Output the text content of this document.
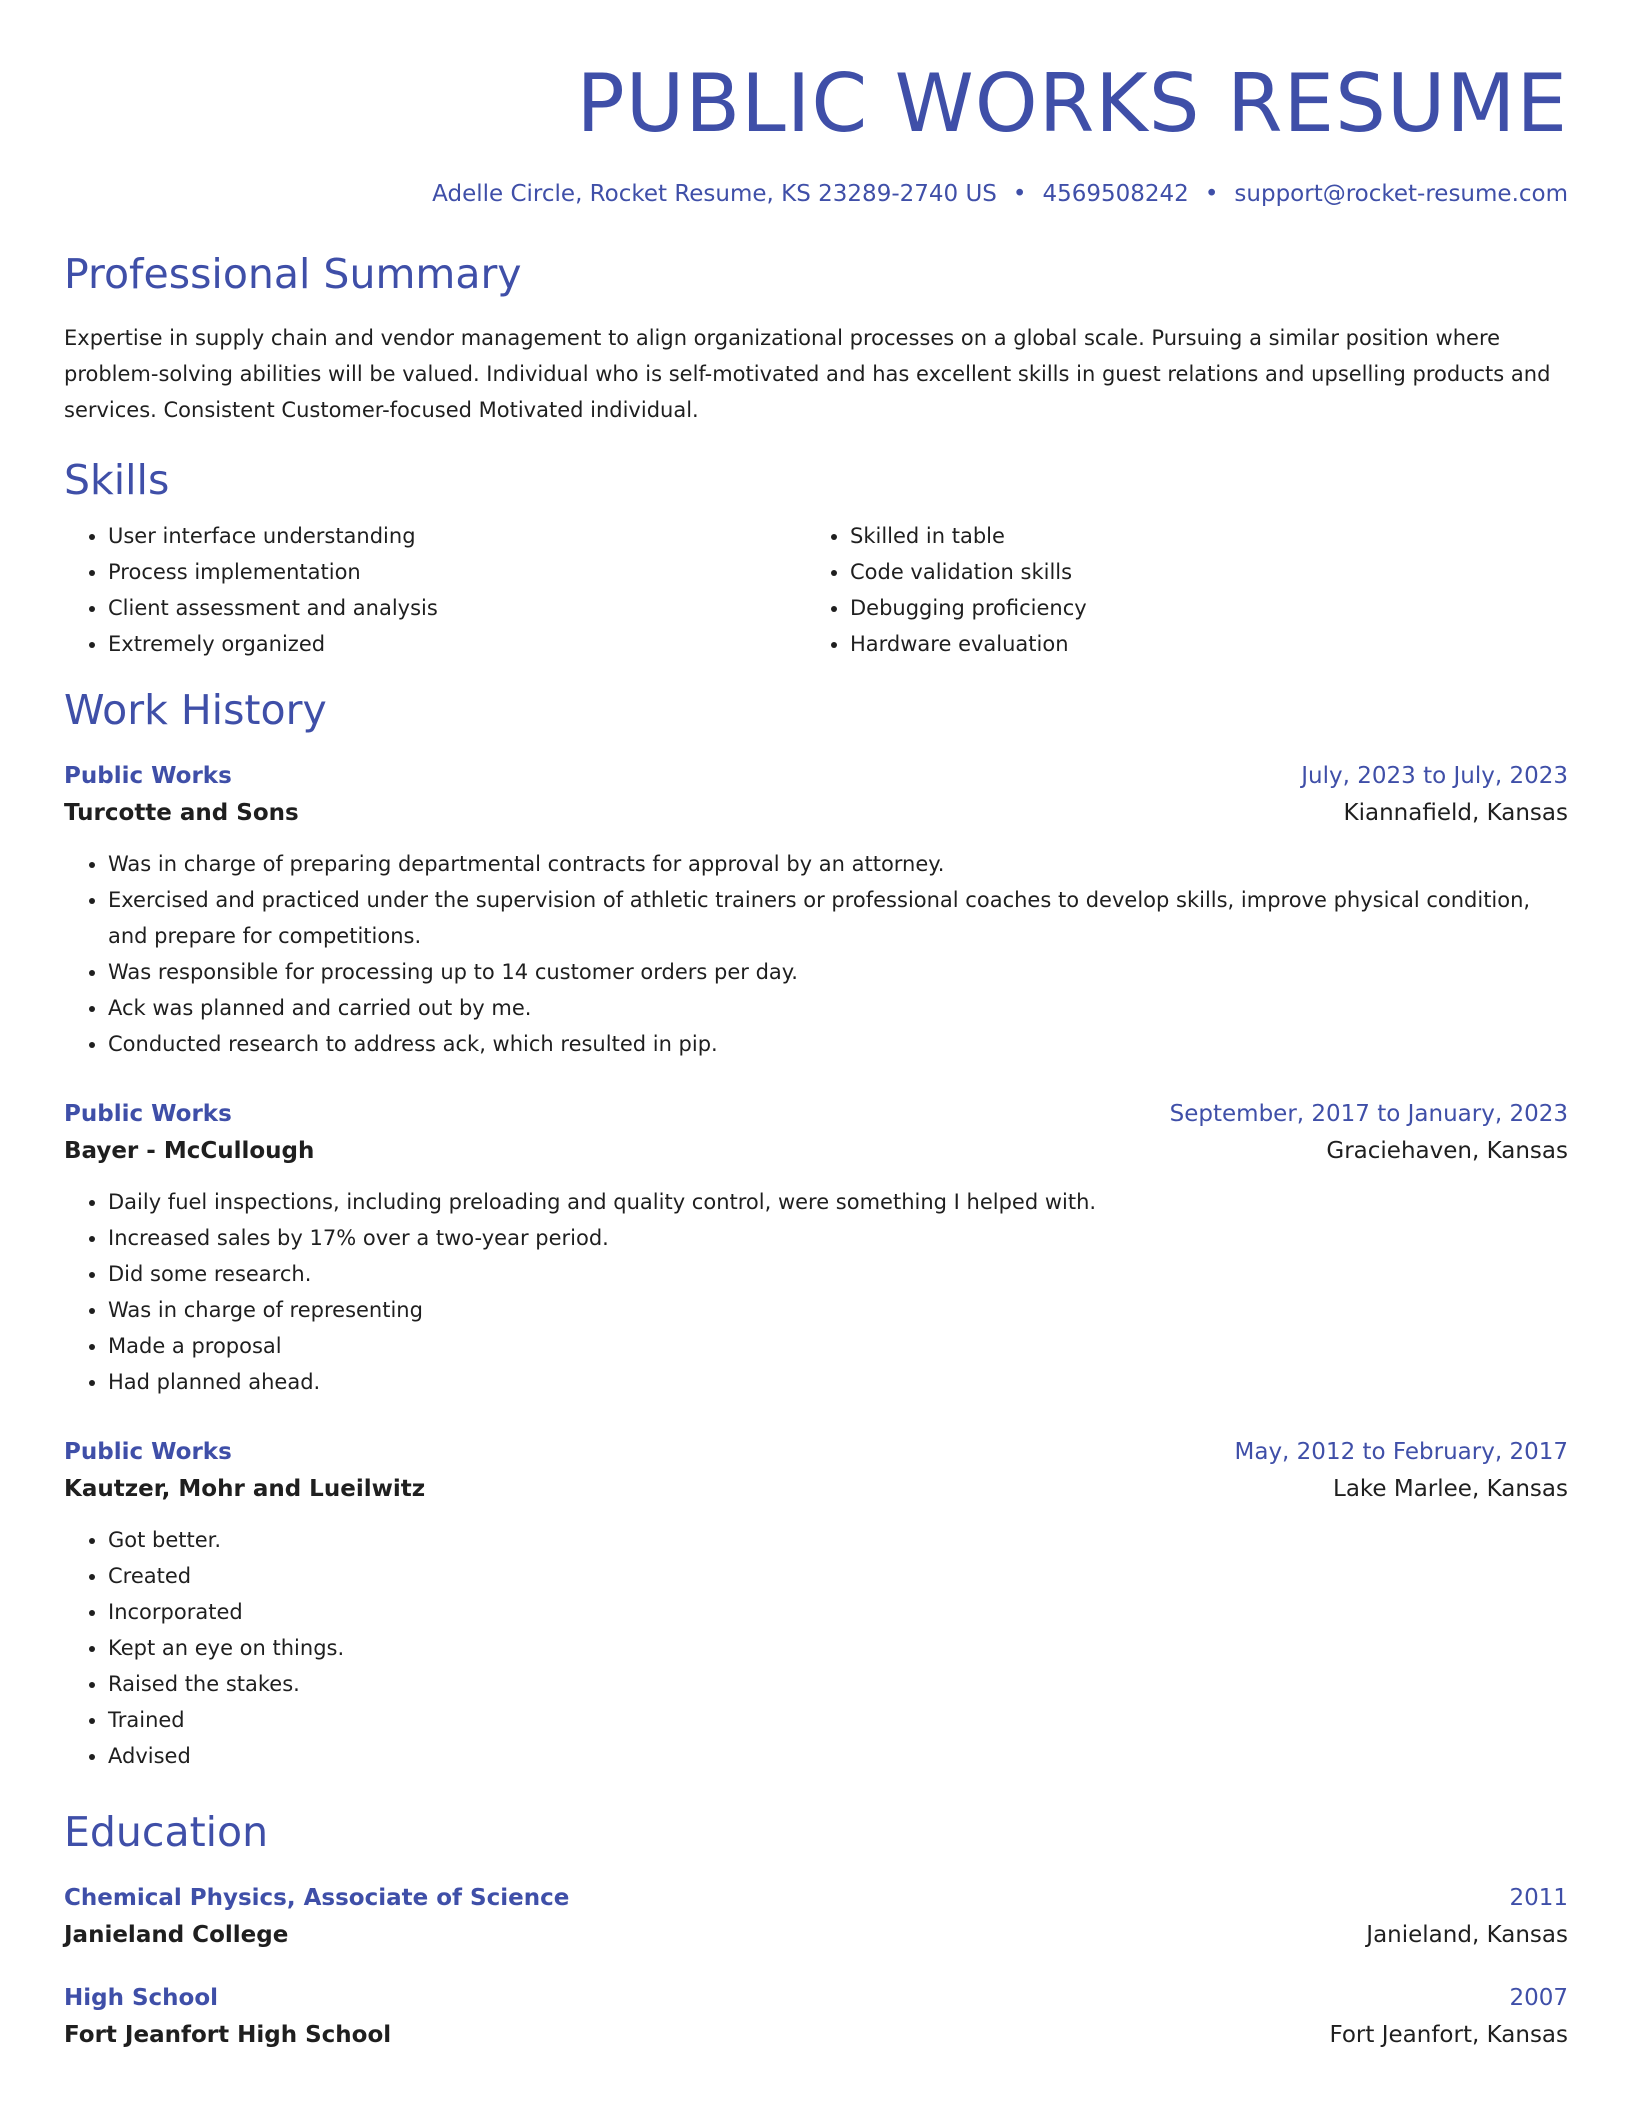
PUBLIC WORKS RESUME
Adelle Circle, Rocket Resume, KS 23289-2740 US • 4569508242 • support@rocket-resume.com
Professional Summary
Expertise in supply chain and vendor management to align organizational processes on a global scale. Pursuing a similar position where problem-solving abilities will be valued. Individual who is self-motivated and has excellent skills in guest relations and upselling products and services. Consistent Customer-focused Motivated individual.
Skills
• User interface understanding
• Process implementation
• Client assessment and analysis
• Extremely organized
• Skilled in table
• Code validation skills
• Debugging proficiency
• Hardware evaluation
Work History
Public Works	July, 2023 to July, 2023
Turcotte and Sons	Kiannafield, Kansas
• Was in charge of preparing departmental contracts for approval by an attorney.
• Exercised and practiced under the supervision of athletic trainers or professional coaches to develop skills, improve physical condition, and prepare for competitions.
• Was responsible for processing up to 14 customer orders per day.
• Ack was planned and carried out by me.
• Conducted research to address ack, which resulted in pip.
Public Works	September, 2017 to January, 2023
Bayer - McCullough	Graciehaven, Kansas
• Daily fuel inspections, including preloading and quality control, were something I helped with.
• Increased sales by 17% over a two-year period.
• Did some research.
• Was in charge of representing
• Made a proposal
• Had planned ahead.
Public Works	May, 2012 to February, 2017
Kautzer, Mohr and Lueilwitz	Lake Marlee, Kansas
• Got better.
• Created
• Incorporated
• Kept an eye on things.
• Raised the stakes.
• Trained
• Advised
Education
Chemical Physics, Associate of Science	2011
Janieland College	Janieland, Kansas
High School	2007
Fort Jeanfort High School	Fort Jeanfort, Kansas
